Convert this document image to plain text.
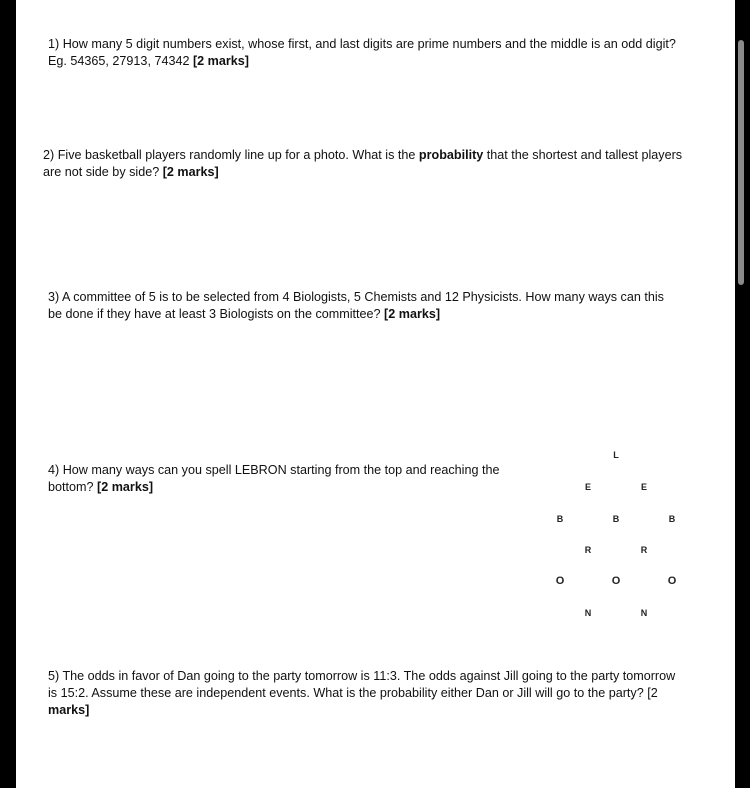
1) How many 5 digit numbers exist, whose first, and last digits are prime numbers and the middle is an odd digit?
Eg. 54365, 27913, 74342 [2 marks]
2) Five basketball players randomly line up for a photo. What is the probability that the shortest and tallest players
are not side by side? [2 marks]
3) A committee of 5 is to be selected from 4 Biologists, 5 Chemists and 12 Physicists. How many ways can this
be done if they have at least 3 Biologists on the committee? [2 marks]
4) How many ways can you spell LEBRON starting from the top and reaching the
bottom? [2 marks]
L
E	E
B	B	B
R	R
O	O	O
N	N
5) The odds in favor of Dan going to the party tomorrow is 11:3. The odds against Jill going to the party tomorrow
is 15:2. Assume these are independent events. What is the probability either Dan or Jill will go to the party? [2
marks]
